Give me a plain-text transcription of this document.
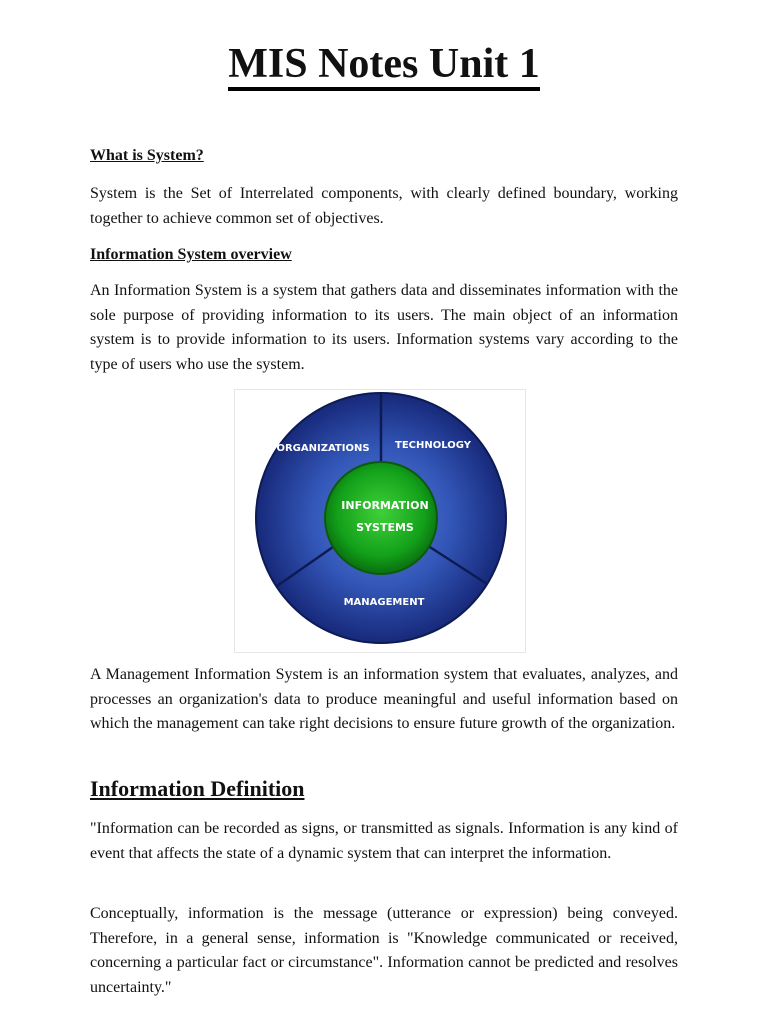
MIS Notes Unit 1
What is System?

System is the Set of Interrelated components, with clearly defined boundary, working together to achieve common set of objectives.

Information System overview

An Information System is a system that gathers data and disseminates information with the sole purpose of providing information to its users. The main object of an information system is to provide information to its users. Information systems vary according to the type of users who use the system.

A Management Information System is an information system that evaluates, analyzes, and processes an organization's data to produce meaningful and useful information based on which the management can take right decisions to ensure future growth of the organization.

Information Definition

"Information can be recorded as signs, or transmitted as signals. Information is any kind of event that affects the state of a dynamic system that can interpret the information.

Conceptually, information is the message (utterance or expression) being conveyed. Therefore, in a general sense, information is "Knowledge communicated or received, concerning a particular fact or circumstance". Information cannot be predicted and resolves uncertainty."

ORGANIZATIONS	TECHNOLOGY
INFORMATION
SYSTEMS
MANAGEMENT
